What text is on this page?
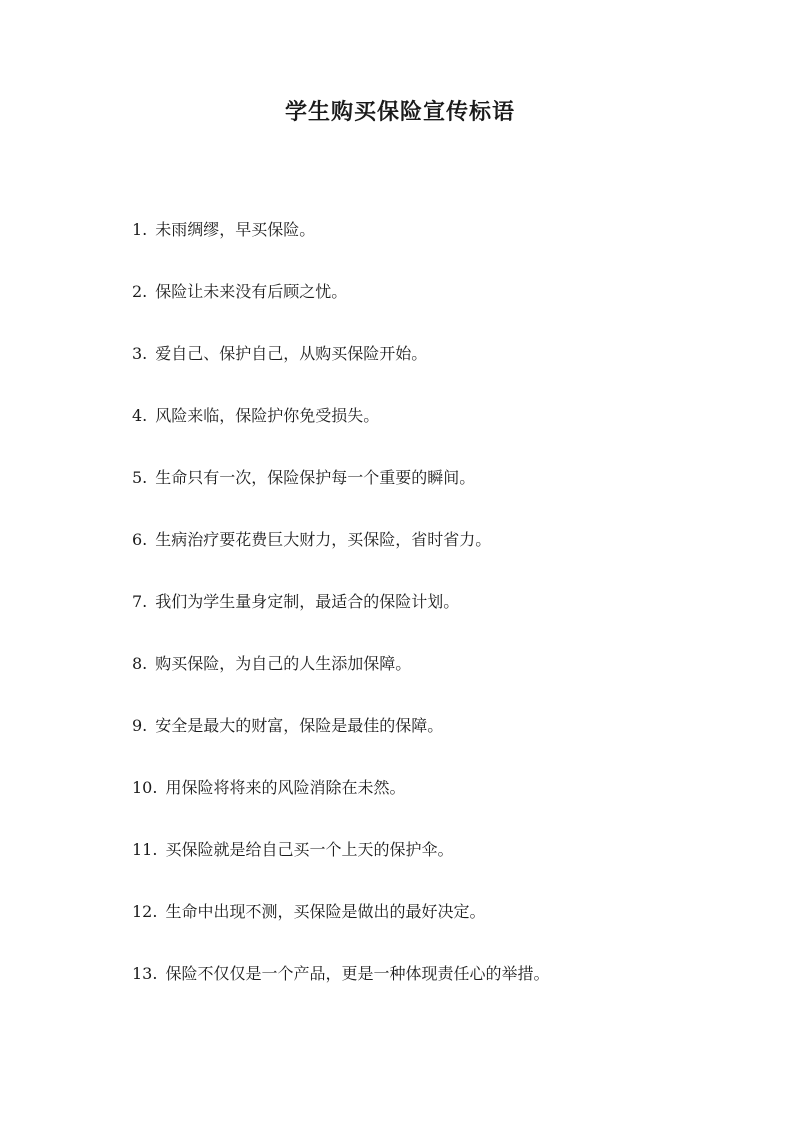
学生购买保险宣传标语
1. 未雨绸缪，早买保险。
2. 保险让未来没有后顾之忧。
3. 爱自己、保护自己，从购买保险开始。
4. 风险来临，保险护你免受损失。
5. 生命只有一次，保险保护每一个重要的瞬间。
6. 生病治疗要花费巨大财力，买保险，省时省力。
7. 我们为学生量身定制，最适合的保险计划。
8. 购买保险，为自己的人生添加保障。
9. 安全是最大的财富，保险是最佳的保障。
10. 用保险将将来的风险消除在未然。
11. 买保险就是给自己买一个上天的保护伞。
12. 生命中出现不测，买保险是做出的最好决定。
13. 保险不仅仅是一个产品，更是一种体现责任心的举措。
